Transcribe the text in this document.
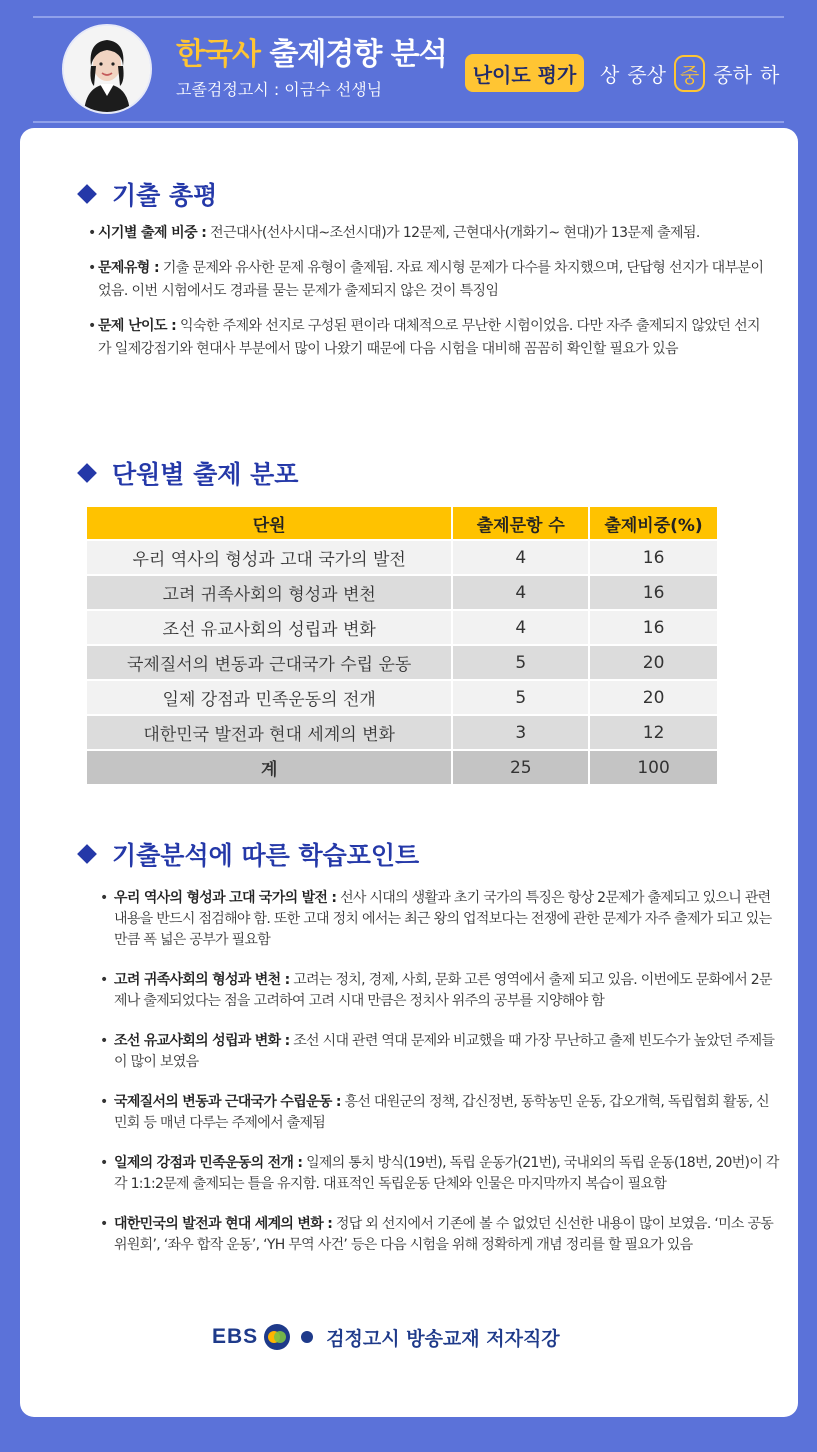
한국사 출제경향 분석
고졸검정고시 : 이금수 선생님
난이도 평가	상 중상 중 중하 하
기출 총평
• 시기별 출제 비중 : 전근대사(선사시대~조선시대)가 12문제, 근현대사(개화기~ 현대)가 13문제 출제됨.
• 문제유형 : 기출 문제와 유사한 문제 유형이 출제됨. 자료 제시형 문제가 다수를 차지했으며, 단답형 선지가 대부분이었음. 이번 시험에서도 경과를 묻는 문제가 출제되지 않은 것이 특징임
• 문제 난이도 : 익숙한 주제와 선지로 구성된 편이라 대체적으로 무난한 시험이었음. 다만 자주 출제되지 않았던 선지가 일제강점기와 현대사 부분에서 많이 나왔기 때문에 다음 시험을 대비해 꼼꼼히 확인할 필요가 있음
단원별 출제 분포
단원	출제문항 수	출제비중(%)
우리 역사의 형성과 고대 국가의 발전	4	16
고려 귀족사회의 형성과 변천	4	16
조선 유교사회의 성립과 변화	4	16
국제질서의 변동과 근대국가 수립 운동	5	20
일제 강점과 민족운동의 전개	5	20
대한민국 발전과 현대 세계의 변화	3	12
계	25	100
기출분석에 따른 학습포인트
• 우리 역사의 형성과 고대 국가의 발전 : 선사 시대의 생활과 초기 국가의 특징은 항상 2문제가 출제되고 있으니 관련 내용을 반드시 점검해야 함. 또한 고대 정치 에서는 최근 왕의 업적보다는 전쟁에 관한 문제가 자주 출제가 되고 있는 만큼 폭 넓은 공부가 필요함
• 고려 귀족사회의 형성과 변천 : 고려는 정치, 경제, 사회, 문화 고른 영역에서 출제 되고 있음. 이번에도 문화에서 2문제나 출제되었다는 점을 고려하여 고려 시대 만큼은 정치사 위주의 공부를 지양해야 함
• 조선 유교사회의 성립과 변화 : 조선 시대 관련 역대 문제와 비교했을 때 가장 무난하고 출제 빈도수가 높았던 주제들이 많이 보였음
• 국제질서의 변동과 근대국가 수립운동 : 흥선 대원군의 정책, 갑신정변, 동학농민 운동, 갑오개혁, 독립협회 활동, 신민회 등 매년 다루는 주제에서 출제됨
• 일제의 강점과 민족운동의 전개 : 일제의 통치 방식(19번), 독립 운동가(21번), 국내외의 독립 운동(18번, 20번)이 각각 1:1:2문제 출제되는 틀을 유지함. 대표적인 독립운동 단체와 인물은 마지막까지 복습이 필요함
• 대한민국의 발전과 현대 세계의 변화 : 정답 외 선지에서 기존에 볼 수 없었던 신선한 내용이 많이 보였음. ‘미소 공동 위원회’, ‘좌우 합작 운동’, ‘YH 무역 사건’ 등은 다음 시험을 위해 정확하게 개념 정리를 할 필요가 있음
EBS	검정고시 방송교재 저자직강
